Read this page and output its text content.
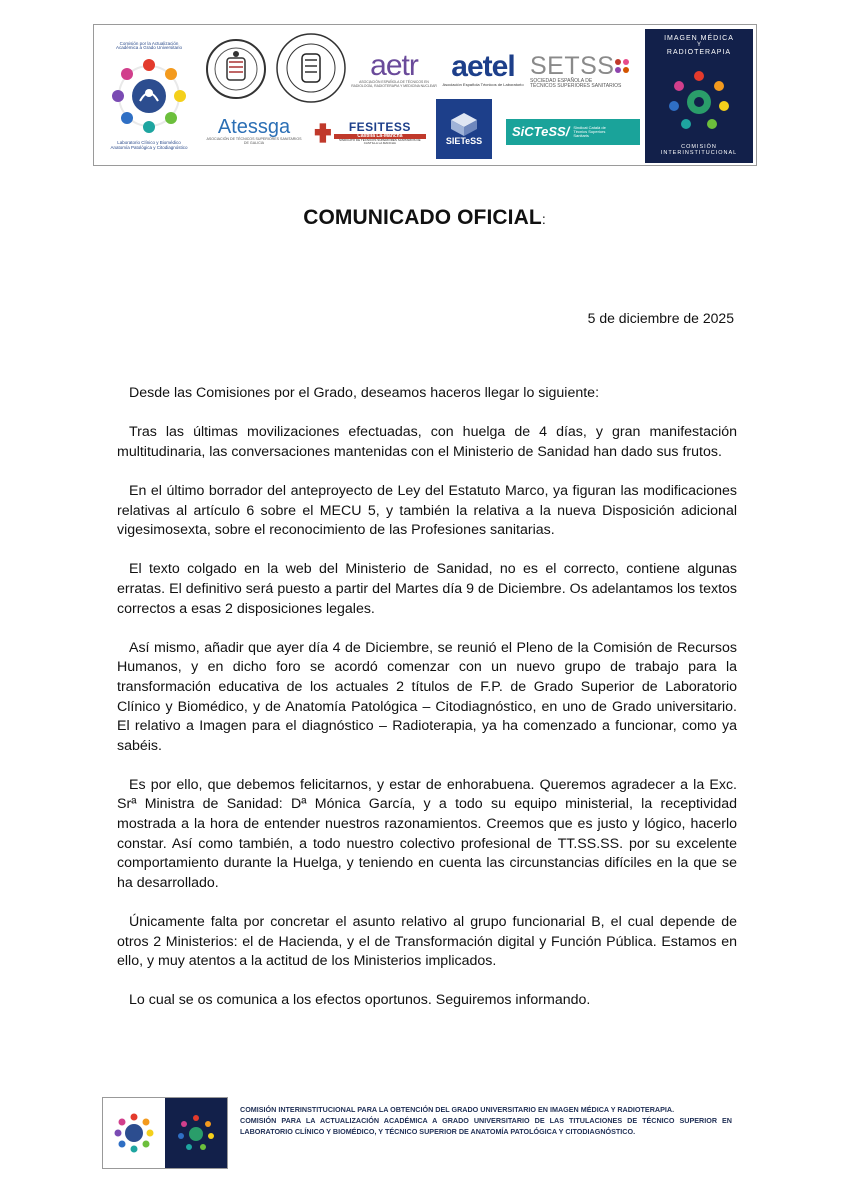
Comisión por la Actualización
Académica a Grado Universitario
Laboratorio Clínico y Biomédico
Anatomía Patológica y Citodiagnóstico
aetr
ASOCIACIÓN ESPAÑOLA DE TÉCNICOS EN RADIOLOGÍA, RADIOTERAPIA Y MEDICINA NUCLEAR
aetel
Asociación Española Técnicos de Laboratorio
SETSS
SOCIEDAD ESPAÑOLA DE
TÉCNICOS SUPERIORES SANITARIOS
IMAGEN MÉDICA
Y
RADIOTERAPIA
COMISIÓN
INTERINSTITUCIONAL
Atessga
ASOCIACIÓN DE TÉCNICOS SUPERIORES SANITARIOS DE GALICIA
FESITESS
Castilla La-Mancha
SINDICATO DE TÉCNICOS SUPERIORES SANITARIOS DE CASTILLA LA MANCHA	SIETeSS
SiCTeSS/ Sindicat Català de Tècnics Superiors Sanitaris
COMUNICADO OFICIAL:
5 de diciembre de 2025

Desde las Comisiones por el Grado, deseamos haceros llegar lo siguiente:

Tras las últimas movilizaciones efectuadas, con huelga de 4 días, y gran manifestación multitudinaria, las conversaciones mantenidas con el Ministerio de Sanidad han dado sus frutos.

En el último borrador del anteproyecto de Ley del Estatuto Marco, ya figuran las modificaciones relativas al artículo 6 sobre el MECU 5, y también la relativa a la nueva Disposición adicional vigesimosexta, sobre el reconocimiento de las Profesiones sanitarias.

El texto colgado en la web del Ministerio de Sanidad, no es el correcto, contiene algunas erratas. El definitivo será puesto a partir del Martes día 9 de Diciembre. Os adelantamos los textos correctos a esas 2 disposiciones legales.

Así mismo, añadir que ayer día 4 de Diciembre, se reunió el Pleno de la Comisión de Recursos Humanos, y en dicho foro se acordó comenzar con un nuevo grupo de trabajo para la transformación educativa de los actuales 2 títulos de F.P. de Grado Superior de Laboratorio Clínico y Biomédico, y de Anatomía Patológica – Citodiagnóstico, en uno de Grado universitario. El relativo a Imagen para el diagnóstico – Radioterapia, ya ha comenzado a funcionar, como ya sabéis.

Es por ello, que debemos felicitarnos, y estar de enhorabuena. Queremos agradecer a la Exc. Srª Ministra de Sanidad: Dª Mónica García, y a todo su equipo ministerial, la receptividad mostrada a la hora de entender nuestros razonamientos. Creemos que es justo y lógico, hacerlo constar. Así como también, a todo nuestro colectivo profesional de TT.SS.SS. por su excelente comportamiento durante la Huelga, y teniendo en cuenta las circunstancias difíciles en la que se ha desarrollado.

Únicamente falta por concretar el asunto relativo al grupo funcionarial B, el cual depende de otros 2 Ministerios: el de Hacienda, y el de Transformación digital y Función Pública. Estamos en ello, y muy atentos a la actitud de los Ministerios implicados.

Lo cual se os comunica a los efectos oportunos. Seguiremos informando.

COMISIÓN INTERINSTITUCIONAL PARA LA OBTENCIÓN DEL GRADO UNIVERSITARIO EN IMAGEN MÉDICA Y RADIOTERAPIA.
COMISIÓN PARA LA ACTUALIZACIÓN ACADÉMICA A GRADO UNIVERSITARIO DE LAS TITULACIONES DE TÉCNICO SUPERIOR EN LABORATORIO CLÍNICO Y BIOMÉDICO, Y TÉCNICO SUPERIOR DE ANATOMÍA PATOLÓGICA Y CITODIAGNÓSTICO.
